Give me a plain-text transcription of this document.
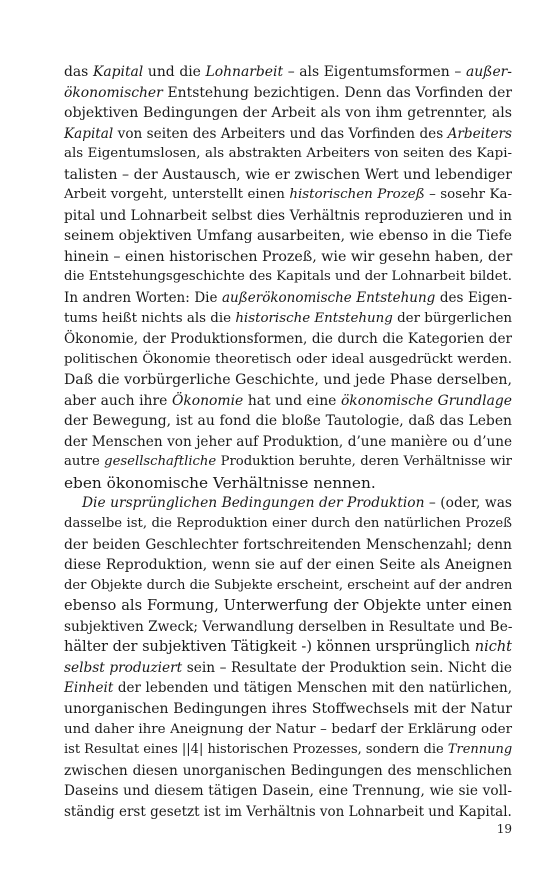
das Kapital und die Lohnarbeit – als Eigentumsformen – außer-
ökonomischer Entstehung bezichtigen. Denn das Vorfinden der
objektiven Bedingungen der Arbeit als von ihm getrennter, als
Kapital von seiten des Arbeiters und das Vorfinden des Arbeiters
als Eigentumslosen, als abstrakten Arbeiters von seiten des Kapi-
talisten – der Austausch, wie er zwischen Wert und lebendiger
Arbeit vorgeht, unterstellt einen historischen Prozeß – sosehr Ka-
pital und Lohnarbeit selbst dies Verhältnis reproduzieren und in
seinem objektiven Umfang ausarbeiten, wie ebenso in die Tiefe
hinein – einen historischen Prozeß, wie wir gesehn haben, der
die Entstehungsgeschichte des Kapitals und der Lohnarbeit bildet.
In andren Worten: Die außerökonomische Entstehung des Eigen-
tums heißt nichts als die historische Entstehung der bürgerlichen
Ökonomie, der Produktionsformen, die durch die Kategorien der
politischen Ökonomie theoretisch oder ideal ausgedrückt werden.
Daß die vorbürgerliche Geschichte, und jede Phase derselben,
aber auch ihre Ökonomie hat und eine ökonomische Grundlage
der Bewegung, ist au fond die bloße Tautologie, daß das Leben
der Menschen von jeher auf Produktion, d’une manière ou d’une
autre gesellschaftliche Produktion beruhte, deren Verhältnisse wir
eben ökonomische Verhältnisse nennen.
Die ursprünglichen Bedingungen der Produktion – (oder, was
dasselbe ist, die Reproduktion einer durch den natürlichen Prozeß
der beiden Geschlechter fortschreitenden Menschenzahl; denn
diese Reproduktion, wenn sie auf der einen Seite als Aneignen
der Objekte durch die Subjekte erscheint, erscheint auf der andren
ebenso als Formung, Unterwerfung der Objekte unter einen
subjektiven Zweck; Verwandlung derselben in Resultate und Be-
hälter der subjektiven Tätigkeit -) können ursprünglich nicht
selbst produziert sein – Resultate der Produktion sein. Nicht die
Einheit der lebenden und tätigen Menschen mit den natürlichen,
unorganischen Bedingungen ihres Stoffwechsels mit der Natur
und daher ihre Aneignung der Natur – bedarf der Erklärung oder
ist Resultat eines ||4| historischen Prozesses, sondern die Trennung
zwischen diesen unorganischen Bedingungen des menschlichen
Daseins und diesem tätigen Dasein, eine Trennung, wie sie voll-
ständig erst gesetzt ist im Verhältnis von Lohnarbeit und Kapital.
19
